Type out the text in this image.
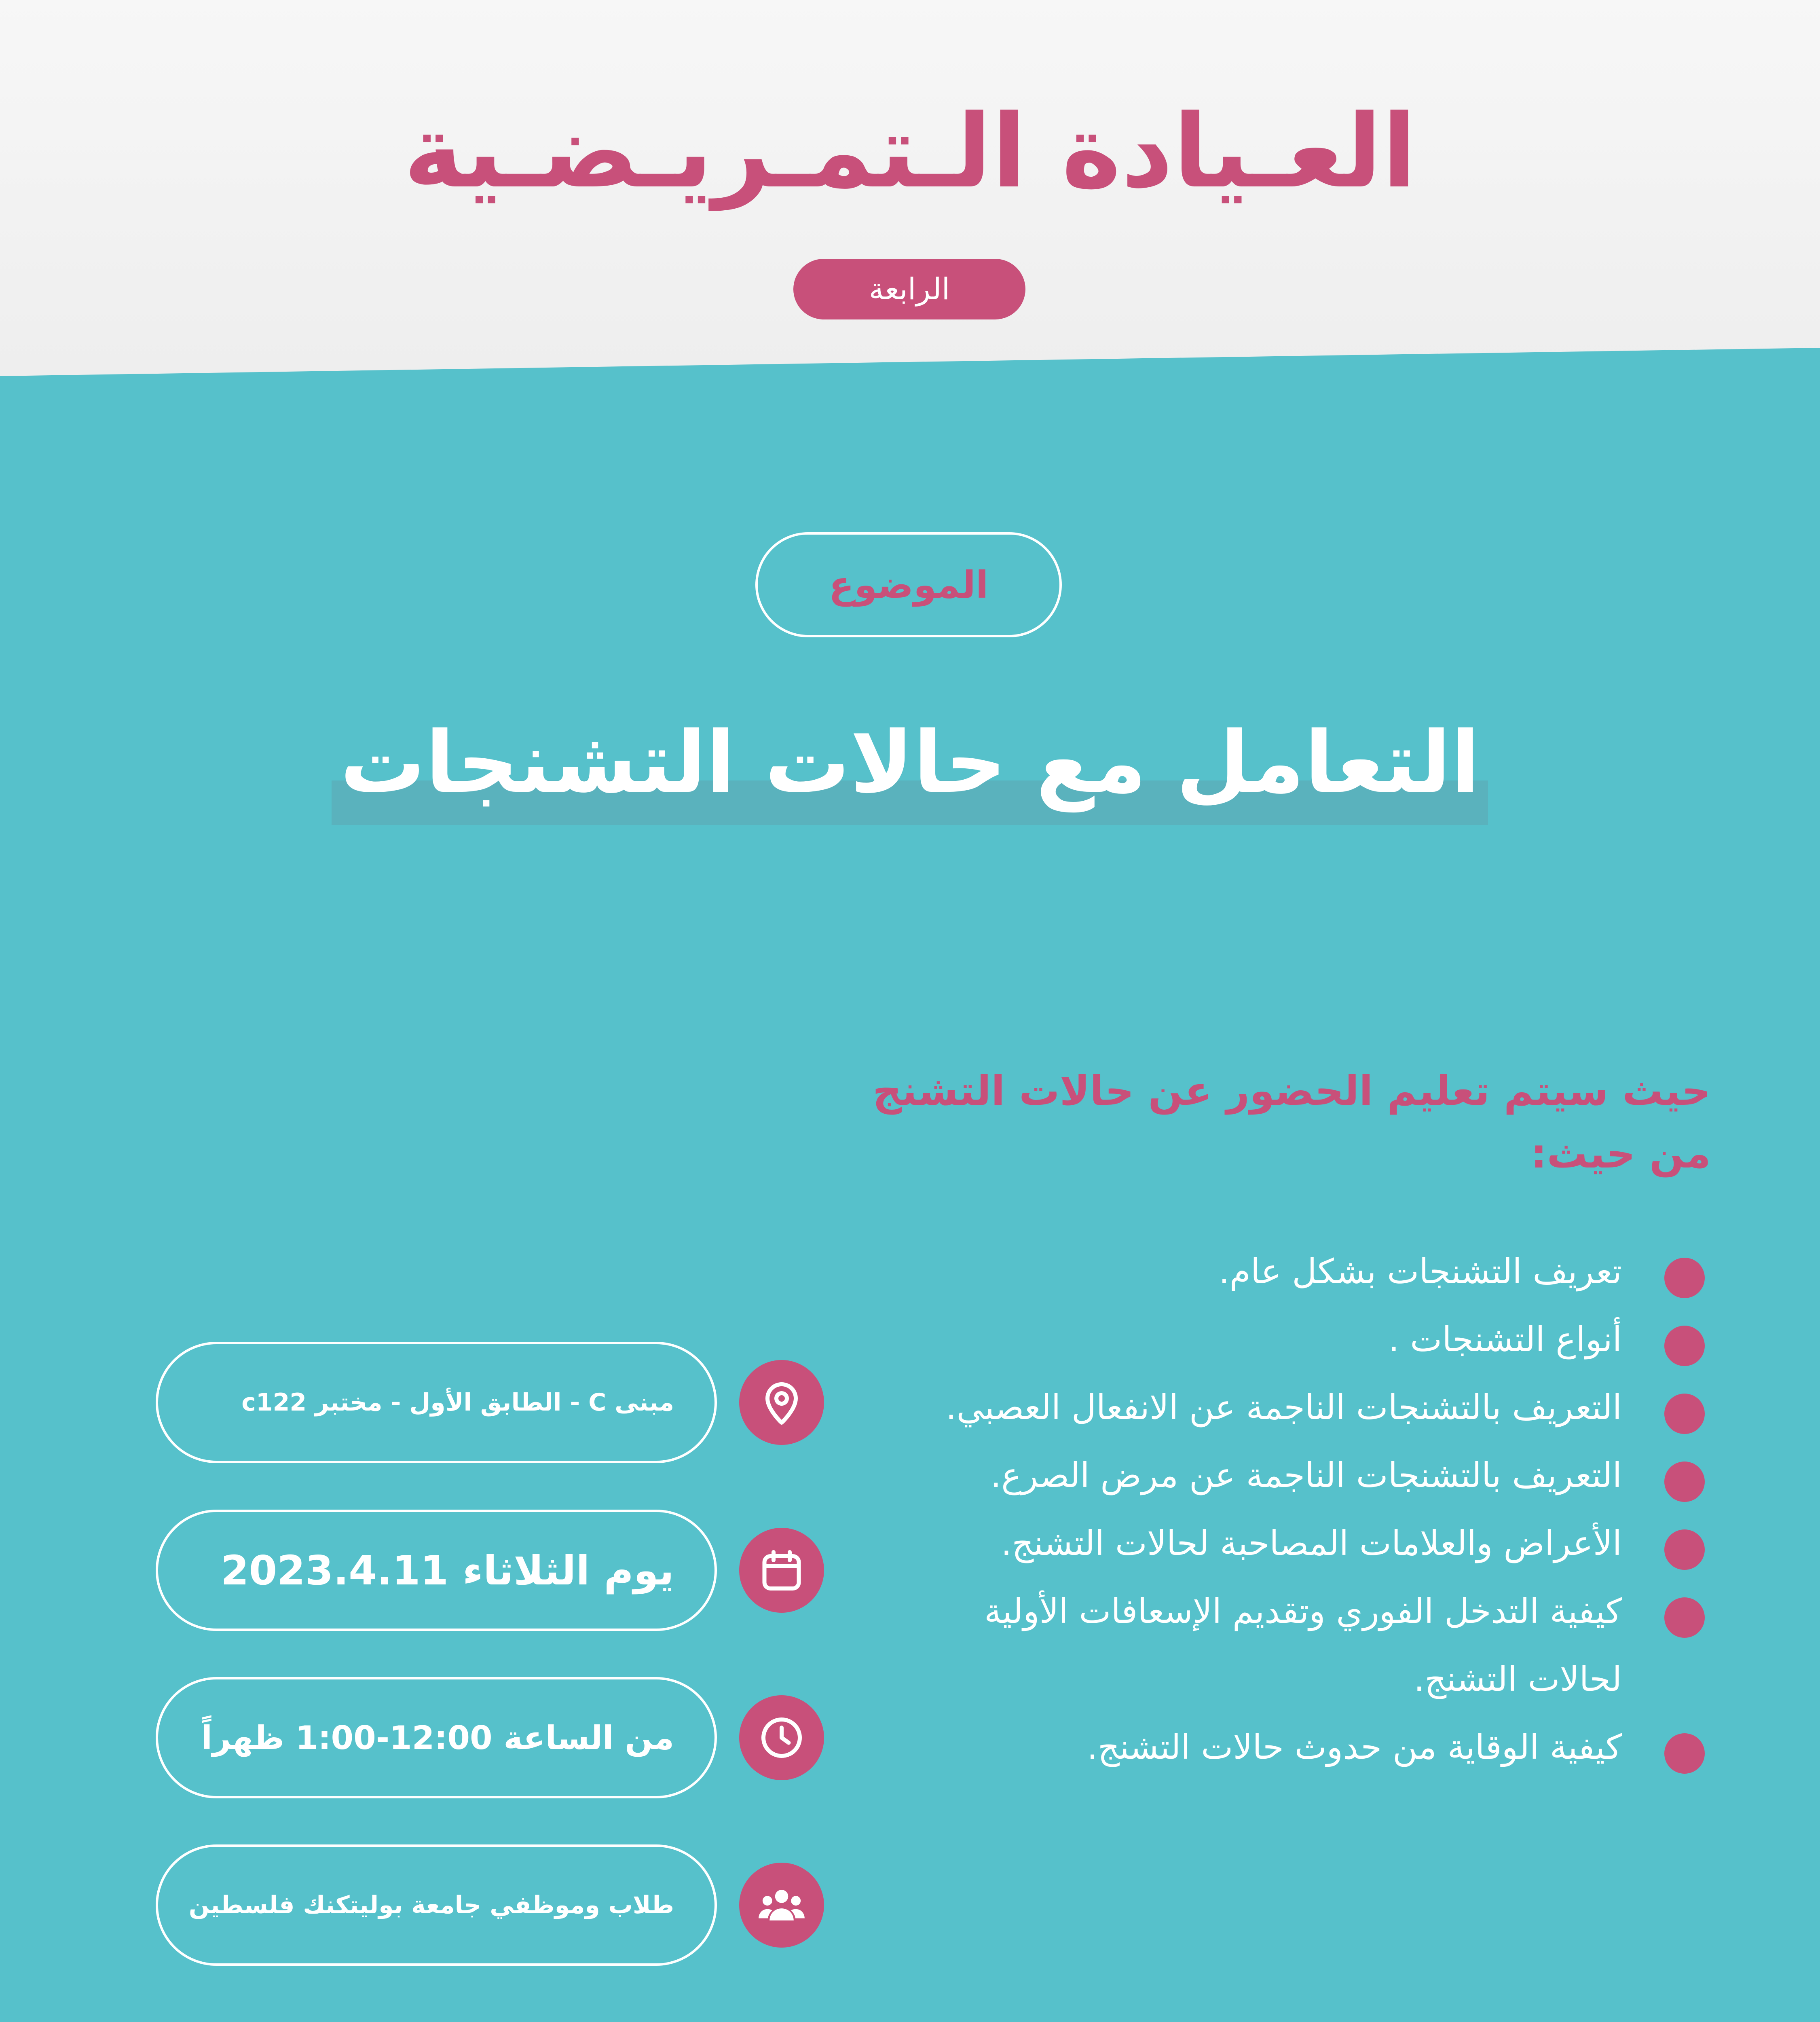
العـيادة الـتمـريـضـية
الرابعة
الموضوع
التعامل مع حالات التشنجات
حيث سيتم تعليم الحضور عن حالات التشنج
من حيث:
تعريف التشنجات بشكل عام.
أنواع التشنجات .
التعريف بالتشنجات الناجمة عن الانفعال العصبي.
التعريف بالتشنجات الناجمة عن مرض الصرع.
الأعراض والعلامات المصاحبة لحالات التشنج.
كيفية التدخل الفوري وتقديم الإسعافات الأولية لحالات التشنج.
كيفية الوقاية من حدوث حالات التشنج.
مبنى C - الطابق الأول - مختبر c122
يوم الثلاثاء 2023.4.11
من الساعة 12:00-1:00 ظهراً
طلاب وموظفي جامعة بوليتكنك فلسطين
